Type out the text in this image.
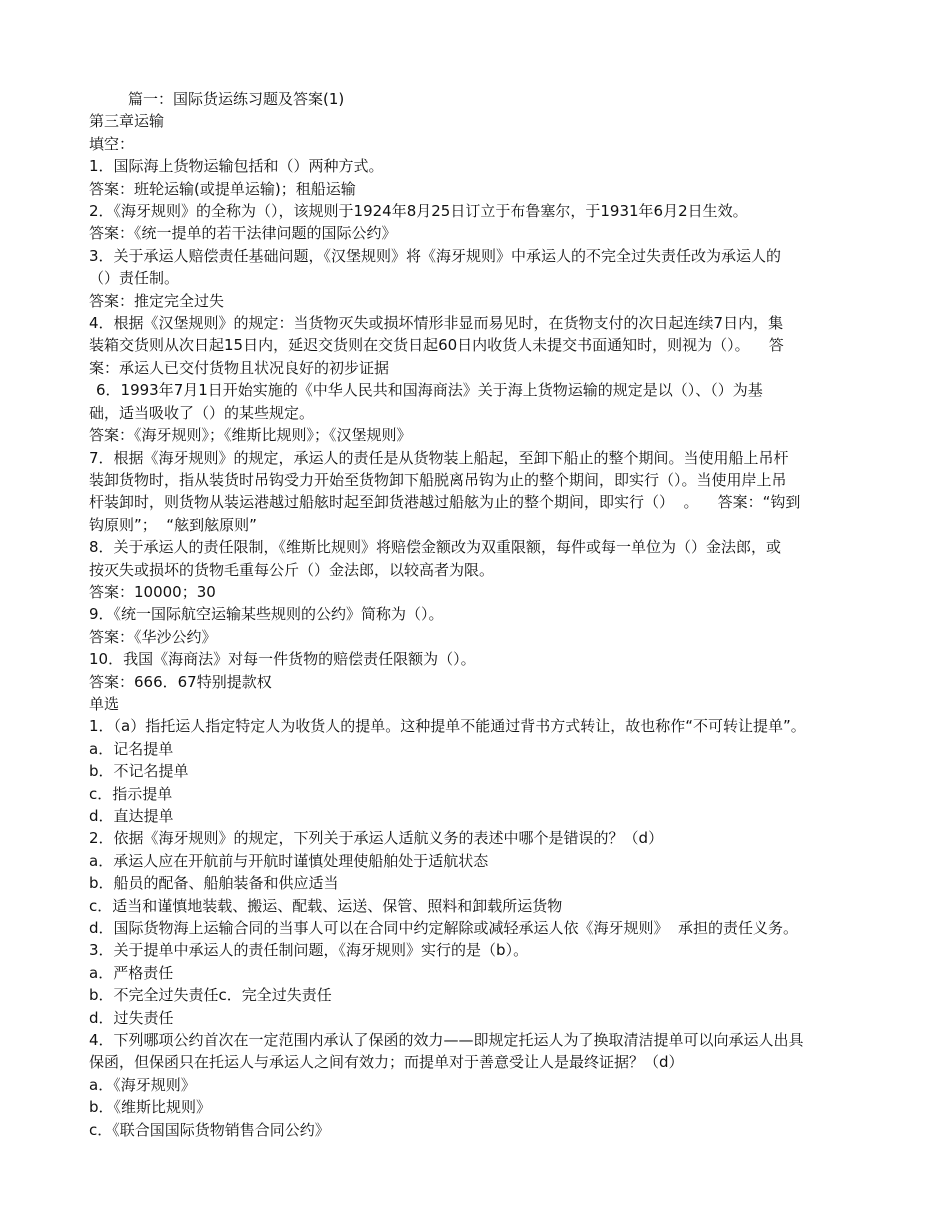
篇一：国际货运练习题及答案(1)
第三章运输
填空：
1．国际海上货物运输包括和（）两种方式。
答案：班轮运输(或提单运输)；租船运输
2．《海牙规则》的全称为（），该规则于1924年8月25日订立于布鲁塞尔，于1931年6月2日生效。
答案：《统一提单的若干法律问题的国际公约》
3．关于承运人赔偿责任基础问题，《汉堡规则》将《海牙规则》中承运人的不完全过失责任改为承运人的
（）责任制。
答案：推定完全过失
4．根据《汉堡规则》的规定：当货物灭失或损坏情形非显而易见时，在货物支付的次日起连续7日内，集
装箱交货则从次日起15日内，延迟交货则在交货日起60日内收货人未提交书面通知时，则视为（）。    答
案：承运人已交付货物且状况良好的初步证据
6．1993年7月1日开始实施的《中华人民共和国海商法》关于海上货物运输的规定是以（）、（）为基
础，适当吸收了（）的某些规定。
答案：《海牙规则》；《维斯比规则》；《汉堡规则》
7．根据《海牙规则》的规定，承运人的责任是从货物装上船起，至卸下船止的整个期间。当使用船上吊杆
装卸货物时，指从装货时吊钩受力开始至货物卸下船脱离吊钩为止的整个期间，即实行（）。当使用岸上吊
杆装卸时，则货物从装运港越过船舷时起至卸货港越过船舷为止的整个期间，即实行（）  。    答案：“钩到
钩原则”；  “舷到舷原则”
8．关于承运人的责任限制，《维斯比规则》将赔偿金额改为双重限额，每件或每一单位为（）金法郎，或
按灭失或损坏的货物毛重每公斤（）金法郎，以较高者为限。
答案：10000；30
9．《统一国际航空运输某些规则的公约》简称为（）。
答案：《华沙公约》
10．我国《海商法》对每一件货物的赔偿责任限额为（）。
答案：666．67特别提款权
单选
1．（a）指托运人指定特定人为收货人的提单。这种提单不能通过背书方式转让，故也称作“不可转让提单”。
a．记名提单
b．不记名提单
c．指示提单
d．直达提单
2．依据《海牙规则》的规定，下列关于承运人适航义务的表述中哪个是错误的？（d）
a．承运人应在开航前与开航时谨慎处理使船舶处于适航状态
b．船员的配备、船舶装备和供应适当
c．适当和谨慎地装载、搬运、配载、运送、保管、照料和卸载所运货物
d．国际货物海上运输合同的当事人可以在合同中约定解除或减轻承运人依《海牙规则》  承担的责任义务。
3．关于提单中承运人的责任制问题，《海牙规则》实行的是（b）。
a．严格责任
b．不完全过失责任c．完全过失责任
d．过失责任
4．下列哪项公约首次在一定范围内承认了保函的效力——即规定托运人为了换取清洁提单可以向承运人出具
保函，但保函只在托运人与承运人之间有效力；而提单对于善意受让人是最终证据？（d）
a．《海牙规则》
b．《维斯比规则》
c．《联合国国际货物销售合同公约》
